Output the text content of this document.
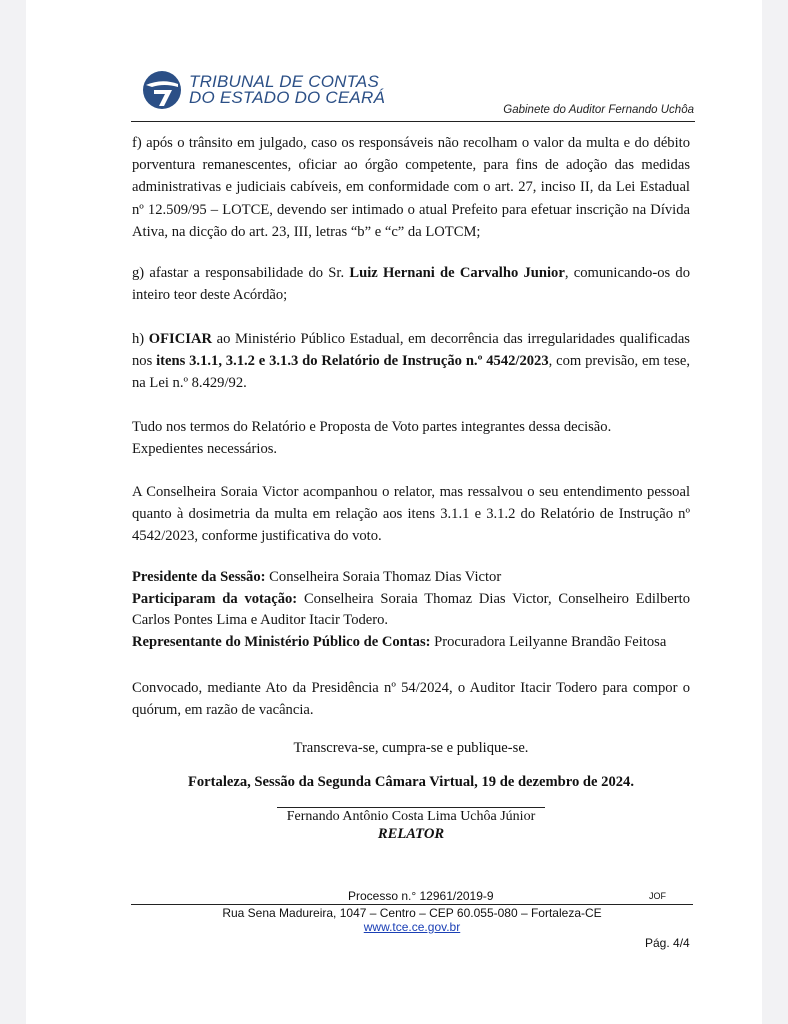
TRIBUNAL DE CONTAS
DO ESTADO DO CEARÁ
Gabinete do Auditor Fernando Uchôa
f) após o trânsito em julgado, caso os responsáveis não recolham o valor da multa e do débito porventura remanescentes, oficiar ao órgão competente, para fins de adoção das medidas administrativas e judiciais cabíveis, em conformidade com o art. 27, inciso II, da Lei Estadual nº 12.509/95 – LOTCE, devendo ser intimado o atual Prefeito para efetuar inscrição na Dívida Ativa, na dicção do art. 23, III, letras “b” e “c” da LOTCM;
g) afastar a responsabilidade do Sr. Luiz Hernani de Carvalho Junior, comunicando-os do inteiro teor deste Acórdão;
h) OFICIAR ao Ministério Público Estadual, em decorrência das irregularidades qualificadas nos itens 3.1.1, 3.1.2 e 3.1.3 do Relatório de Instrução n.º 4542/2023, com previsão, em tese, na Lei n.º 8.429/92.
Tudo nos termos do Relatório e Proposta de Voto partes integrantes dessa decisão.
Expedientes necessários.
A Conselheira Soraia Victor acompanhou o relator, mas ressalvou o seu entendimento pessoal quanto à dosimetria da multa em relação aos itens 3.1.1 e 3.1.2 do Relatório de Instrução nº 4542/2023, conforme justificativa do voto.
Presidente da Sessão: Conselheira Soraia Thomaz Dias Victor
Participaram da votação: Conselheira Soraia Thomaz Dias Victor, Conselheiro Edilberto Carlos Pontes Lima e Auditor Itacir Todero.
Representante do Ministério Público de Contas: Procuradora Leilyanne Brandão Feitosa
Convocado, mediante Ato da Presidência nº 54/2024, o Auditor Itacir Todero para compor o quórum, em razão de vacância.
Transcreva-se, cumpra-se e publique-se.
Fortaleza, Sessão da Segunda Câmara Virtual, 19 de dezembro de 2024.
Fernando Antônio Costa Lima Uchôa Júnior
RELATOR
Processo n.° 12961/2019-9	JOF
Rua Sena Madureira, 1047 – Centro – CEP 60.055-080 – Fortaleza-CE
www.tce.ce.gov.br
Pág. 4/4
